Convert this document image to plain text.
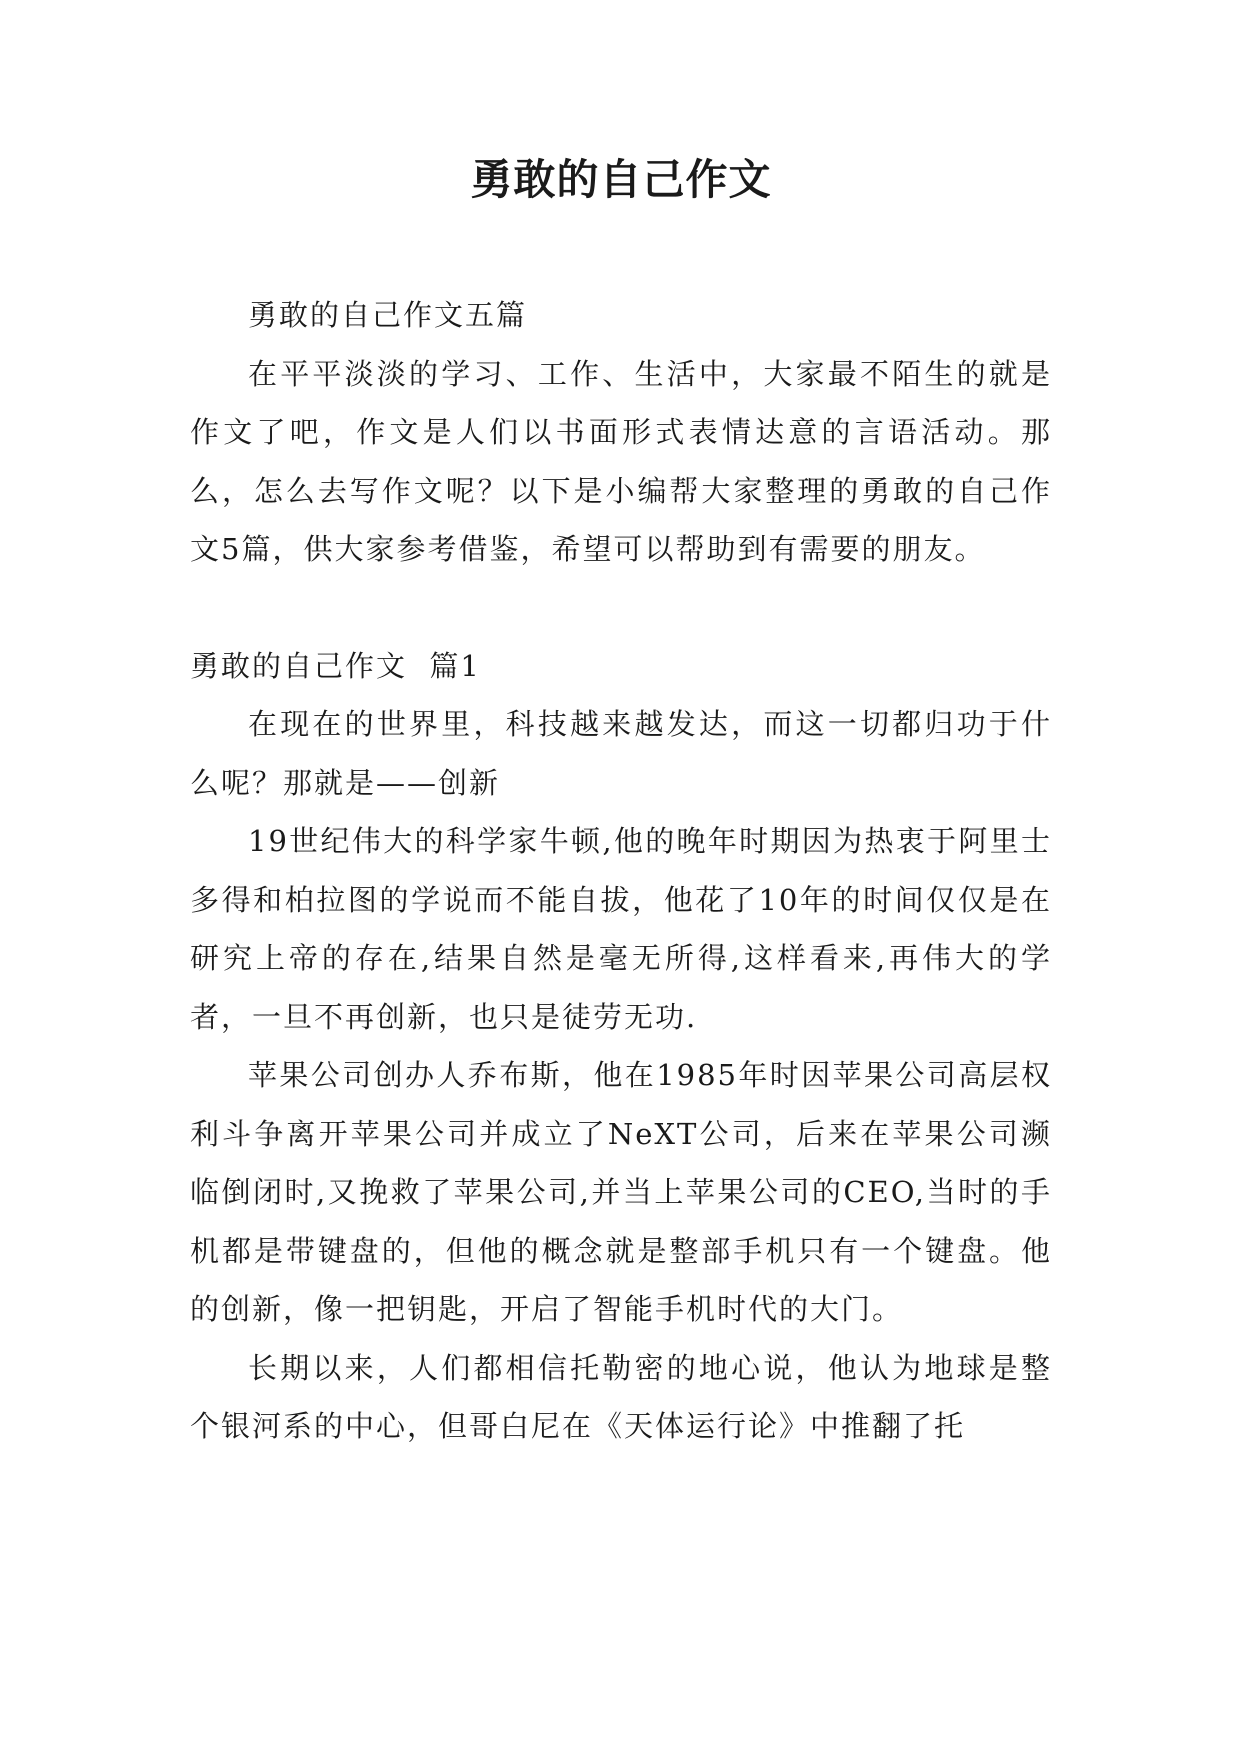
勇敢的自己作文

勇敢的自己作文五篇

在平平淡淡的学习、工作、生活中，大家最不陌生的就是作文了吧，作文是人们以书面形式表情达意的言语活动。那么，怎么去写作文呢？以下是小编帮大家整理的勇敢的自己作文5篇，供大家参考借鉴，希望可以帮助到有需要的朋友。

勇敢的自己作文  篇1

在现在的世界里，科技越来越发达，而这一切都归功于什么呢？那就是——创新

19世纪伟大的科学家牛顿,他的晚年时期因为热衷于阿里士多得和柏拉图的学说而不能自拔，他花了10年的时间仅仅是在研究上帝的存在,结果自然是毫无所得,这样看来,再伟大的学者，一旦不再创新，也只是徒劳无功.

苹果公司创办人乔布斯，他在1985年时因苹果公司高层权利斗争离开苹果公司并成立了NeXT公司，后来在苹果公司濒临倒闭时,又挽救了苹果公司,并当上苹果公司的CEO,当时的手机都是带键盘的，但他的概念就是整部手机只有一个键盘。他的创新，像一把钥匙，开启了智能手机时代的大门。

长期以来，人们都相信托勒密的地心说，他认为地球是整个银河系的中心，但哥白尼在《天体运行论》中推翻了托
